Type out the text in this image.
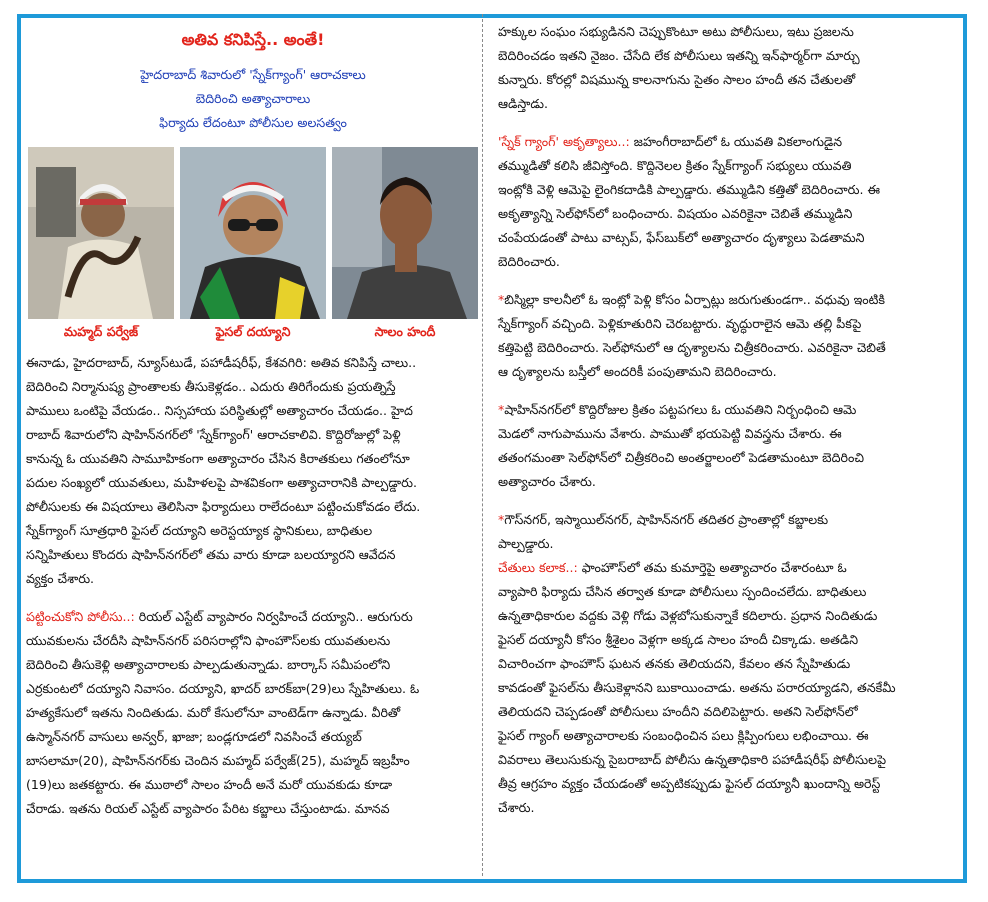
అతివ కనిపిస్తే.. అంతే!

హైదరాబాద్ శివారులో 'స్నేక్‌గ్యాంగ్' ఆరాచకాలు

బెదిరించి అత్యాచారాలు

ఫిర్యాదు లేదంటూ పోలీసుల అలసత్వం

మహ్మద్ పర్వేజ్	ఫైసల్ దయ్యాని	సాలం హందీ

ఈనాడు, హైదరాబాద్, న్యూస్‌టుడే, పహాడీషరీఫ్, కేశవగిరి: అతివ కనిపిస్తే చాలు..

బెదిరించి నిర్మానుష్య ప్రాంతాలకు తీసుకెళ్లడం.. ఎదురు తిరిగేందుకు ప్రయత్నిస్తే

పాములు ఒంటిపై వేయడం.. నిస్సహాయ పరిస్థితుల్లో అత్యాచారం చేయడం.. హైద

రాబాద్ శివారులోని షాహిన్‌నగర్‌లో 'స్నేక్‌గ్యాంగ్' ఆరాచకాలివి. కొద్దిరోజుల్లో పెళ్లి

కానున్న ఓ యువతిని సామూహికంగా అత్యాచారం చేసిన కిరాతకులు గతంలోనూ

పదుల సంఖ్యలో యువతులు, మహిళలపై పాశవికంగా అత్యాచారానికి పాల్పడ్డారు.

పోలీసులకు ఈ విషయాలు తెలిసినా ఫిర్యాదులు రాలేదంటూ పట్టించుకోవడం లేదు.

స్నేక్‌గ్యాంగ్ సూత్రధారి ఫైసల్ దయ్యాని అరెస్టయ్యాక స్థానికులు, బాధితుల

సన్నిహితులు కొందరు షాహిన్‌నగర్‌లో తమ వారు కూడా బలయ్యారని ఆవేదన

వ్యక్తం చేశారు.

పట్టించుకోని పోలీసు..: రియల్ ఎస్టేట్ వ్యాపారం నిర్వహించే దయ్యాని.. ఆరుగురు

యువకులను చేరదీసి షాహిన్‌నగర్ పరిసరాల్లోని ఫాంహౌస్‌లకు యువతులను

బెదిరించి తీసుకెళ్లి అత్యాచారాలకు పాల్పడుతున్నాడు. బార్కాస్ సమీపంలోని

ఎర్రకుంటలో దయ్యాని నివాసం. దయ్యాని, ఖాదర్ బారక్‌బా(29)లు స్నేహితులు. ఓ

హత్యకేసులో ఇతను నిందితుడు. మరో కేసులోనూ వాంటెడ్‌గా ఉన్నాడు. వీరితో

ఉస్మాన్‌నగర్ వాసులు అన్వర్, ఖాజా; బండ్లగూడలో నివసించే తయ్యబ్

బాసలామా(20), షాహిన్‌నగర్‌కు చెందిన మహ్మద్ పర్వేజ్(25), మహ్మద్ ఇబ్రహీం

(19)లు జతకట్టారు. ఈ ముఠాలో సాలం హందీ అనే మరో యువకుడు కూడా

చేరాడు. ఇతను రియల్ ఎస్టేట్ వ్యాపారం పేరిట కబ్జాలు చేస్తుంటాడు. మానవ

హక్కుల సంఘం సభ్యుడినని చెప్పుకొంటూ అటు పోలీసులు, ఇటు ప్రజలను

బెదిరించడం ఇతని నైజం. చేసేది లేక పోలీసులు ఇతన్ని ఇన్‌ఫార్మర్‌గా మార్చు

కున్నారు. కోరల్లో విషమున్న కాలనాగును సైతం సాలం హందీ తన చేతులతో

ఆడిస్తాడు.

'స్నేక్ గ్యాంగ్' అకృత్యాలు..: జహంగీరాబాద్‌లో ఓ యువతి వికలాంగుడైన

తమ్ముడితో కలిసి జీవిస్తోంది. కొద్దినెలల క్రితం స్నేక్‌గ్యాంగ్ సభ్యులు యువతి

ఇంట్లోకి వెళ్లి ఆమెపై లైంగికదాడికి పాల్పడ్డారు. తమ్ముడిని కత్తితో బెదిరించారు. ఈ

అకృత్యాన్ని సెల్‌ఫోన్‌లో బంధించారు. విషయం ఎవరికైనా చెబితే తమ్ముడిని

చంపేయడంతో పాటు వాట్సప్, ఫేస్‌బుక్‌లో అత్యాచారం దృశ్యాలు పెడతామని

బెదిరించారు.

*బిస్మిల్లా కాలనీలో ఓ ఇంట్లో పెళ్లి కోసం ఏర్పాట్లు జరుగుతుండగా.. వధువు ఇంటికి

స్నేక్‌గ్యాంగ్ వచ్చింది. పెళ్లికూతురిని చెరబట్టారు. వృద్ధురాలైన ఆమె తల్లి పీకపై

కత్తిపెట్టి బెదిరించారు. సెల్‌ఫోనులో ఆ దృశ్యాలను చిత్రీకరించారు. ఎవరికైనా చెబితే

ఆ దృశ్యాలను బస్తీలో అందరికీ పంపుతామని బెదిరించారు.

*షాహిన్‌నగర్‌లో కొద్దిరోజుల క్రితం పట్టపగలు ఓ యువతిని నిర్బంధించి ఆమె

మెడలో నాగుపామును వేశారు. పాముతో భయపెట్టి వివస్త్రను చేశారు. ఈ

తతంగమంతా సెల్‌ఫోన్‌లో చిత్రీకరించి అంతర్జాలంలో పెడతామంటూ బెదిరించి

అత్యాచారం చేశారు.

*గౌస్‌నగర్, ఇస్మాయిల్‌నగర్, షాహిన్‌నగర్ తదితర ప్రాంతాల్లో కబ్జాలకు

పాల్పడ్డారు.

చేతులు కలాక..: ఫాంహౌస్‌లో తమ కుమార్తెపై అత్యాచారం చేశారంటూ ఓ

వ్యాపారి ఫిర్యాదు చేసిన తర్వాత కూడా పోలీసులు స్పందించలేదు. బాధితులు

ఉన్నతాధికారుల వద్దకు వెళ్లి గోడు వెళ్లబోసుకున్నాకే కదిలారు. ప్రధాన నిందితుడు

ఫైసల్ దయ్యానీ కోసం శ్రీశైలం వెళ్లగా అక్కడ సాలం హందీ చిక్కాడు. అతడిని

విచారించగా ఫాంహౌస్ ఘటన తనకు తెలియదని, కేవలం తన స్నేహితుడు

కావడంతో ఫైసల్‌ను తీసుకెళ్లానని బుకాయించాడు. అతను పరారయ్యాడని, తనకేమీ

తెలియదని చెప్పడంతో పోలీసులు హందీని వదిలిపెట్టారు. అతని సెల్‌ఫోన్‌లో

ఫైసల్ గ్యాంగ్ అత్యాచారాలకు సంబంధించిన పలు క్లిప్పింగులు లభించాయి. ఈ

వివరాలు తెలుసుకున్న సైబరాబాద్ పోలీసు ఉన్నతాధికారి పహాడీషరీఫ్ పోలీసులపై

తీవ్ర ఆగ్రహం వ్యక్తం చేయడంతో అప్పటికప్పుడు ఫైసల్ దయ్యానీ ఖుందాన్ని అరెస్ట్

చేశారు.
